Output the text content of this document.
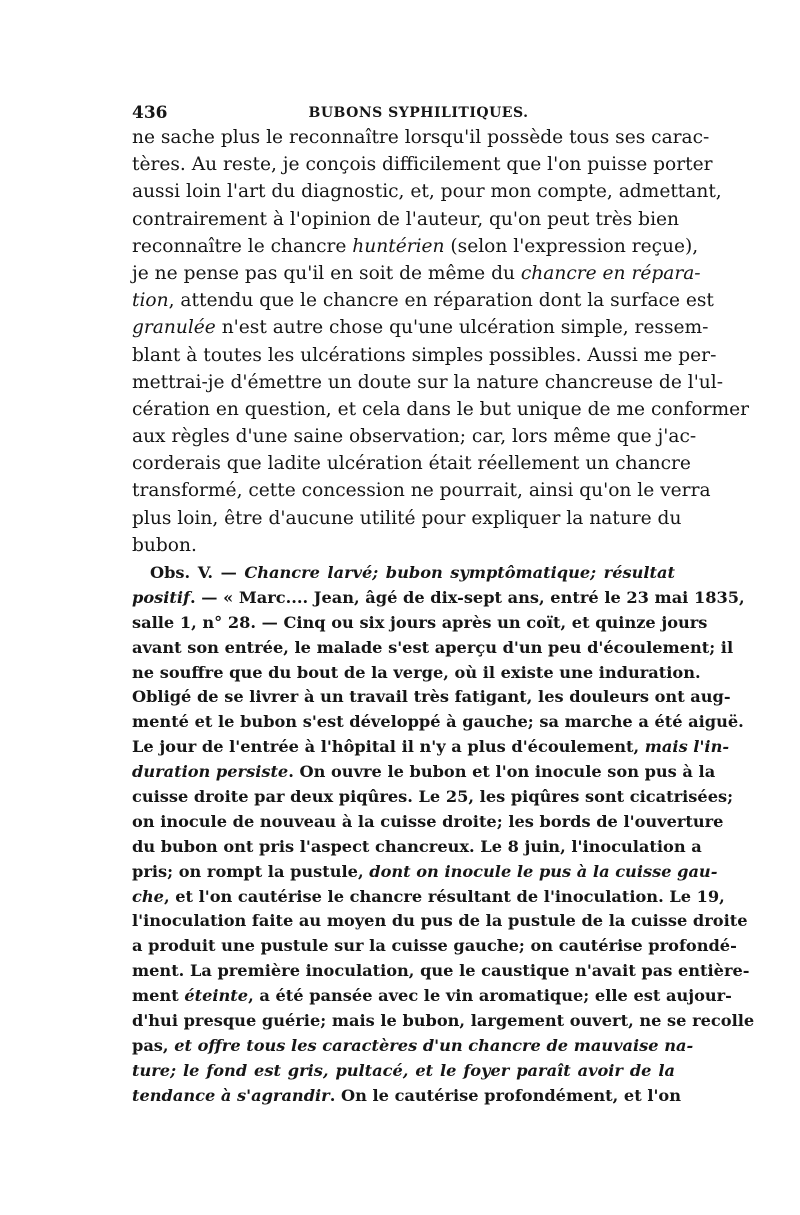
436	BUBONS SYPHILITIQUES.
ne sache plus le reconnaître lorsqu'il possède tous ses carac-
tères. Au reste, je conçois difficilement que l'on puisse porter
aussi loin l'art du diagnostic, et, pour mon compte, admettant,
contrairement à l'opinion de l'auteur, qu'on peut très bien
reconnaître le chancre huntérien (selon l'expression reçue),
je ne pense pas qu'il en soit de même du chancre en répara-
tion, attendu que le chancre en réparation dont la surface est
granulée n'est autre chose qu'une ulcération simple, ressem-
blant à toutes les ulcérations simples possibles. Aussi me per-
mettrai-je d'émettre un doute sur la nature chancreuse de l'ul-
cération en question, et cela dans le but unique de me conformer
aux règles d'une saine observation; car, lors même que j'ac-
corderais que ladite ulcération était réellement un chancre
transformé, cette concession ne pourrait, ainsi qu'on le verra
plus loin, être d'aucune utilité pour expliquer la nature du
bubon.
Obs. V. — Chancre larvé; bubon symptômatique; résultat
positif. — « Marc.... Jean, âgé de dix-sept ans, entré le 23 mai 1835,
salle 1, n° 28. — Cinq ou six jours après un coït, et quinze jours
avant son entrée, le malade s'est aperçu d'un peu d'écoulement; il
ne souffre que du bout de la verge, où il existe une induration.
Obligé de se livrer à un travail très fatigant, les douleurs ont aug-
menté et le bubon s'est développé à gauche; sa marche a été aiguë.
Le jour de l'entrée à l'hôpital il n'y a plus d'écoulement, mais l'in-
duration persiste. On ouvre le bubon et l'on inocule son pus à la
cuisse droite par deux piqûres. Le 25, les piqûres sont cicatrisées;
on inocule de nouveau à la cuisse droite; les bords de l'ouverture
du bubon ont pris l'aspect chancreux. Le 8 juin, l'inoculation a
pris; on rompt la pustule, dont on inocule le pus à la cuisse gau-
che, et l'on cautérise le chancre résultant de l'inoculation. Le 19,
l'inoculation faite au moyen du pus de la pustule de la cuisse droite
a produit une pustule sur la cuisse gauche; on cautérise profondé-
ment. La première inoculation, que le caustique n'avait pas entière-
ment éteinte, a été pansée avec le vin aromatique; elle est aujour-
d'hui presque guérie; mais le bubon, largement ouvert, ne se recolle
pas, et offre tous les caractères d'un chancre de mauvaise na-
ture; le fond est gris, pultacé, et le foyer paraît avoir de la
tendance à s'agrandir. On le cautérise profondément, et l'on
